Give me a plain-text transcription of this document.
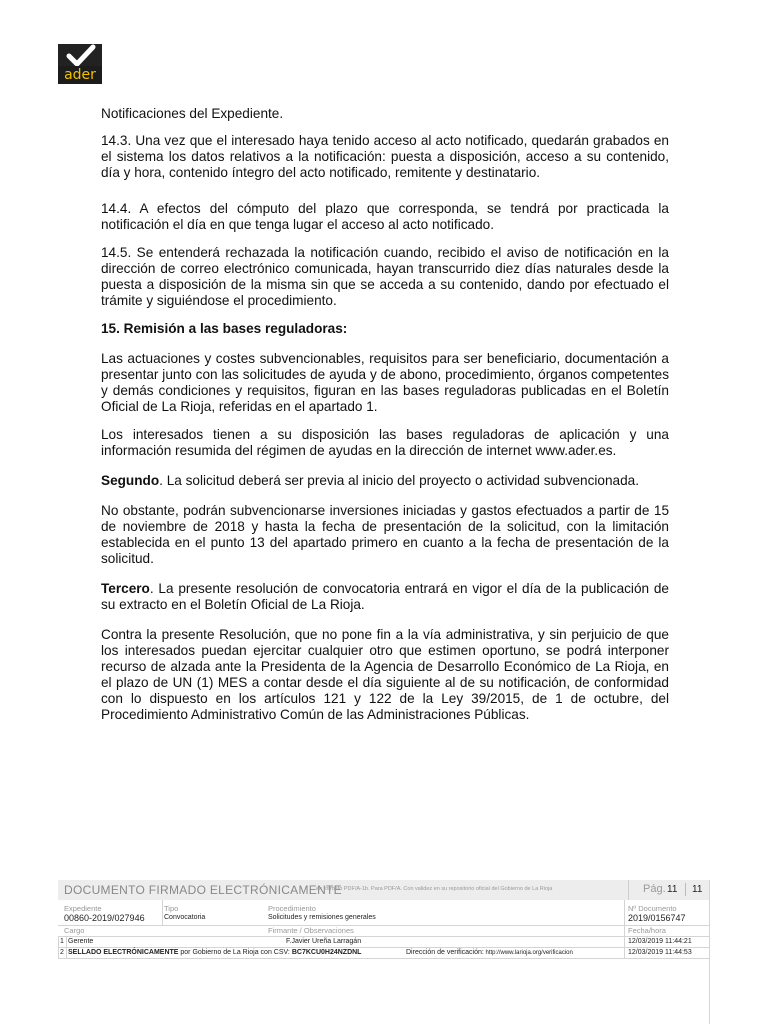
ader

Notificaciones del Expediente.

14.3. Una vez que el interesado haya tenido acceso al acto notificado, quedarán grabados en el sistema los datos relativos a la notificación: puesta a disposición, acceso a su contenido, día y hora, contenido íntegro del acto notificado, remitente y destinatario.

14.4. A efectos del cómputo del plazo que corresponda, se tendrá por practicada la notificación el día en que tenga lugar el acceso al acto notificado.

14.5. Se entenderá rechazada la notificación cuando, recibido el aviso de notificación en la dirección de correo electrónico comunicada, hayan transcurrido diez días naturales desde la puesta a disposición de la misma sin que se acceda a su contenido, dando por efectuado el trámite y siguiéndose el procedimiento.

15. Remisión a las bases reguladoras:

Las actuaciones y costes subvencionables, requisitos para ser beneficiario, documentación a presentar junto con las solicitudes de ayuda y de abono, procedimiento, órganos competentes y demás condiciones y requisitos, figuran en las bases reguladoras publicadas en el Boletín Oficial de La Rioja, referidas en el apartado 1.

Los interesados tienen a su disposición las bases reguladoras de aplicación y una información resumida del régimen de ayudas en la dirección de internet www.ader.es.

Segundo. La solicitud deberá ser previa al inicio del proyecto o actividad subvencionada.

No obstante, podrán subvencionarse inversiones iniciadas y gastos efectuados a partir de 15 de noviembre de 2018 y hasta la fecha de presentación de la solicitud, con la limitación establecida en el punto 13 del apartado primero en cuanto a la fecha de presentación de la solicitud.

Tercero. La presente resolución de convocatoria entrará en vigor el día de la publicación de su extracto en el Boletín Oficial de La Rioja.

Contra la presente Resolución, que no pone fin a la vía administrativa, y sin perjuicio de que los interesados puedan ejercitar cualquier otro que estimen oportuno, se podrá interponer recurso de alzada ante la Presidenta de la Agencia de Desarrollo Económico de La Rioja, en el plazo de UN (1) MES a contar desde el día siguiente al de su notificación, de conformidad con lo dispuesto en los artículos 121 y 122 de la Ley 39/2015, de 1 de octubre, del Procedimiento Administrativo Común de las Administraciones Públicas.

DOCUMENTO FIRMADO ELECTRÓNICAMENTE
en formato PDF/A-1b. Para PDF/A. Con validez en su repositorio oficial del Gobierno de La Rioja	Pág. 11 11
Expediente	Tipo	Procedimiento	Nº Documento
00860-2019/027946	Convocatoria	Solicitudes y remisiones generales	2019/0156747
Cargo	Firmante / Observaciones	Fecha/hora
1 Gerente	F.Javier Ureña Larragán	12/03/2019 11:44:21
2 SELLADO ELECTRÓNICAMENTE por Gobierno de La Rioja con CSV: BC7KCU0H24NZDNL	Dirección de verificación: http://www.larioja.org/verificacion	12/03/2019 11:44:53
